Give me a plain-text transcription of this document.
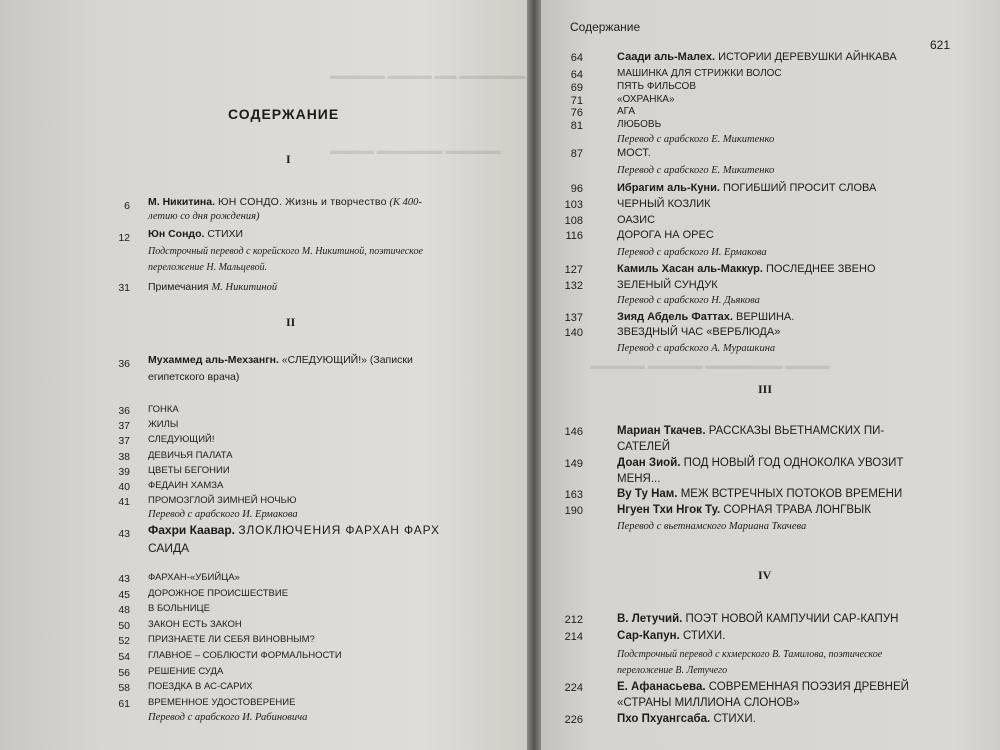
▬▬▬▬▬ ▬▬▬▬ ▬▬ ▬▬▬▬▬▬
▬▬▬▬ ▬▬▬▬▬▬ ▬▬▬▬▬
▬▬▬▬▬ ▬▬▬▬▬ ▬▬▬▬▬▬▬ ▬▬▬▬
СОДЕРЖАНИЕ
I
6 М. Никитина. ЮН СОНДО. Жизнь и творчество (К 400-
летию со дня рождения)
12 Юн Сондо. СТИХИ
Подстрочный перевод с корейского М. Никитиной, поэтическое
переложение Н. Мальцевой.
31 Примечания М. Никитиной
II
36 Мухаммед аль-Мехзангн. «СЛЕДУЮЩИЙ!» (Записки
египетского врача)
36 ГОНКА
37 ЖИЛЫ
37 СЛЕДУЮЩИЙ!
38 ДЕВИЧЬЯ ПАЛАТА
39 ЦВЕТЫ БЕГОНИИ
40 ФЕДАИН ХАМЗА
41 ПРОМОЗГЛОЙ ЗИМНЕЙ НОЧЬЮ
Перевод с арабского И. Ермакова
43 Фахри Каавар. ЗЛОКЛЮЧЕНИЯ ФАРХАН ФАРХ
САИДА
43 ФАРХАН-«УБИЙЦА»
45 ДОРОЖНОЕ ПРОИСШЕСТВИЕ
48 В БОЛЬНИЦЕ
50 ЗАКОН ЕСТЬ ЗАКОН
52 ПРИЗНАЕТЕ ЛИ СЕБЯ ВИНОВНЫМ?
54 ГЛАВНОЕ – СОБЛЮСТИ ФОРМАЛЬНОСТИ
56 РЕШЕНИЕ СУДА
58 ПОЕЗДКА В АС-САРИХ
61 ВРЕМЕННОЕ УДОСТОВЕРЕНИЕ
Перевод с арабского И. Рабиновича
Содержание
621
64	Саади аль-Малех. ИСТОРИИ ДЕРЕВУШКИ АЙНКАВА
64	МАШИНКА ДЛЯ СТРИЖКИ ВОЛОС
69	ПЯТЬ ФИЛЬСОВ
71	«ОХРАНКА»
76	АГА
81	ЛЮБОВЬ
Перевод с арабского Е. Микитенко
87	МОСТ.
Перевод с арабского Е. Микитенко
96	Ибрагим аль-Куни. ПОГИБШИЙ ПРОСИТ СЛОВА
103	ЧЕРНЫЙ КОЗЛИК
108	ОАЗИС
116	ДОРОГА НА ОРЕС
Перевод с арабского И. Ермакова
127	Камиль Хасан аль-Маккур. ПОСЛЕДНЕЕ ЗВЕНО
132	ЗЕЛЕНЫЙ СУНДУК
Перевод с арабского Н. Дьякова
137	Зияд Абдель Фаттах. ВЕРШИНА.
140	ЗВЕЗДНЫЙ ЧАС «ВЕРБЛЮДА»
Перевод с арабского А. Мурашкина
III
146	Мариан Ткачев. РАССКАЗЫ ВЬЕТНАМСКИХ ПИ-
САТЕЛЕЙ
149	Доан Зиой. ПОД НОВЫЙ ГОД ОДНОКОЛКА УВОЗИТ
МЕНЯ...
163	Ву Ту Нам. МЕЖ ВСТРЕЧНЫХ ПОТОКОВ ВРЕМЕНИ
190	Нгуен Тхи Нгок Ту. СОРНАЯ ТРАВА ЛОНГВЫК
Перевод с вьетнамского Мариана Ткачева
IV
212	В. Летучий. ПОЭТ НОВОЙ КАМПУЧИИ САР-КАПУН
214	Сар-Капун. СТИХИ.
Подстрочный перевод с кхмерского В. Тамилова, поэтическое
переложение В. Летучего
224	Е. Афанасьева. СОВРЕМЕННАЯ ПОЭЗИЯ ДРЕВНЕЙ
«СТРАНЫ МИЛЛИОНА СЛОНОВ»
226	Пхо Пхуангсаба. СТИХИ.
